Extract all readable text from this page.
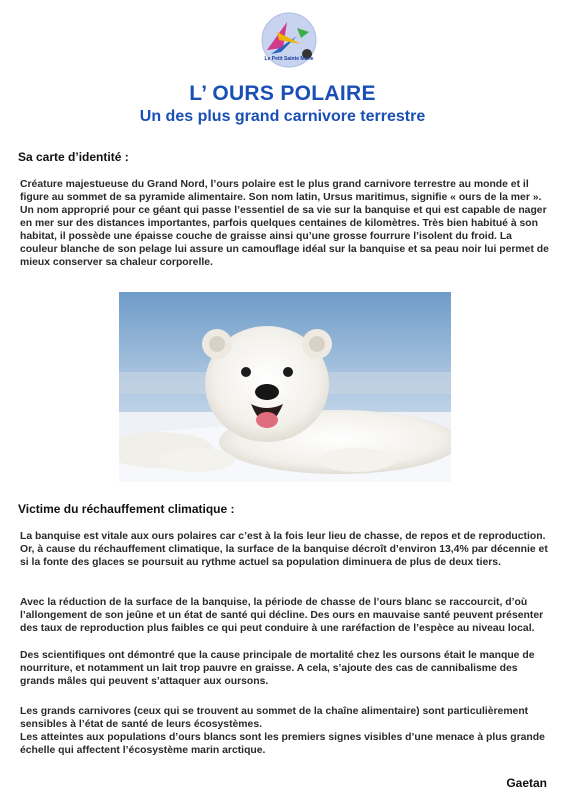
Le Petit Sainte Marie
L’ OURS POLAIRE
Un des plus grand carnivore terrestre
Sa carte d’identité :

Créature majestueuse du Grand Nord, l’ours polaire est le plus grand carnivore terrestre au monde et il figure au sommet de sa pyramide alimentaire. Son nom latin, Ursus maritimus, signifie « ours de la mer ». Un nom approprié pour ce géant qui passe l’essentiel de sa vie sur la banquise et qui est capable de nager en mer sur des distances importantes, parfois quelques centaines de kilomètres. Très bien habitué à son habitat, il possède une épaisse couche de graisse ainsi qu’une grosse fourrure l’isolent du froid. La couleur blanche de son pelage lui assure un camouflage idéal sur la banquise et sa peau noir lui permet de mieux conserver sa chaleur corporelle.

Victime du réchauffement climatique :

La banquise est vitale aux ours polaires car c’est à la fois leur lieu de chasse, de repos et de reproduction. Or, à cause du réchauffement climatique, la surface de la banquise décroît d’environ 13,4% par décennie et si la fonte des glaces se poursuit au rythme actuel sa population diminuera de plus de deux tiers.

Avec la réduction de la surface de la banquise, la période de chasse de l’ours blanc se raccourcit, d’où l’allongement de son jeûne et un état de santé qui décline. Des ours en mauvaise santé peuvent présenter des taux de reproduction plus faibles ce qui peut conduire à une raréfaction de l’espèce au niveau local.

Des scientifiques ont démontré que la cause principale de mortalité chez les oursons était le manque de nourriture, et notamment un lait trop pauvre en graisse. A cela, s’ajoute des cas de cannibalisme des grands mâles qui peuvent s’attaquer aux oursons.

Les grands carnivores (ceux qui se trouvent au sommet de la chaîne alimentaire) sont particulièrement sensibles à l’état de santé de leurs écosystèmes.

Les atteintes aux populations d’ours blancs sont les premiers signes visibles d’une menace à plus grande échelle qui affectent l’écosystème marin arctique.

Gaetan
